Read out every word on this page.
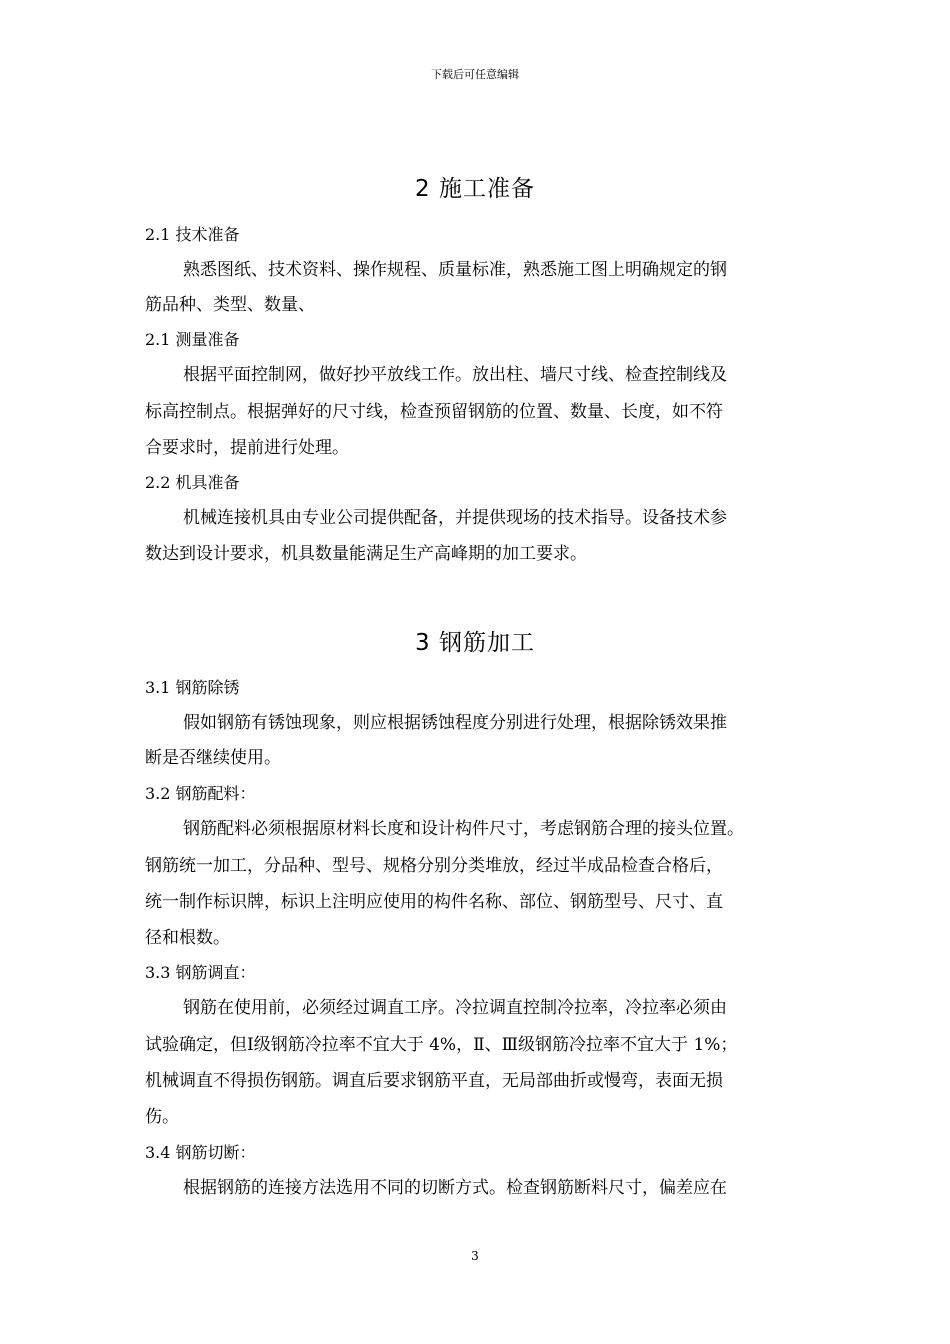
下载后可任意编辑
2 施工准备
2.1 技术准备
熟悉图纸、技术资料、操作规程、质量标准，熟悉施工图上明确规定的钢
筋品种、类型、数量、
2.1 测量准备
根据平面控制网，做好抄平放线工作。放出柱、墙尺寸线、检查控制线及
标高控制点。根据弹好的尺寸线，检查预留钢筋的位置、数量、长度，如不符
合要求时，提前进行处理。
2.2 机具准备
机械连接机具由专业公司提供配备，并提供现场的技术指导。设备技术参
数达到设计要求，机具数量能满足生产高峰期的加工要求。
3 钢筋加工
3.1 钢筋除锈
假如钢筋有锈蚀现象，则应根据锈蚀程度分别进行处理，根据除锈效果推
断是否继续使用。
3.2 钢筋配料：
钢筋配料必须根据原材料长度和设计构件尺寸，考虑钢筋合理的接头位置。
钢筋统一加工，分品种、型号、规格分别分类堆放，经过半成品检查合格后，
统一制作标识牌，标识上注明应使用的构件名称、部位、钢筋型号、尺寸、直
径和根数。
3.3 钢筋调直：
钢筋在使用前，必须经过调直工序。冷拉调直控制冷拉率，冷拉率必须由
试验确定，但Ⅰ级钢筋冷拉率不宜大于 4%，Ⅱ、Ⅲ级钢筋冷拉率不宜大于 1%；
机械调直不得损伤钢筋。调直后要求钢筋平直，无局部曲折或慢弯，表面无损
伤。
3.4 钢筋切断：
根据钢筋的连接方法选用不同的切断方式。检查钢筋断料尺寸，偏差应在
3
